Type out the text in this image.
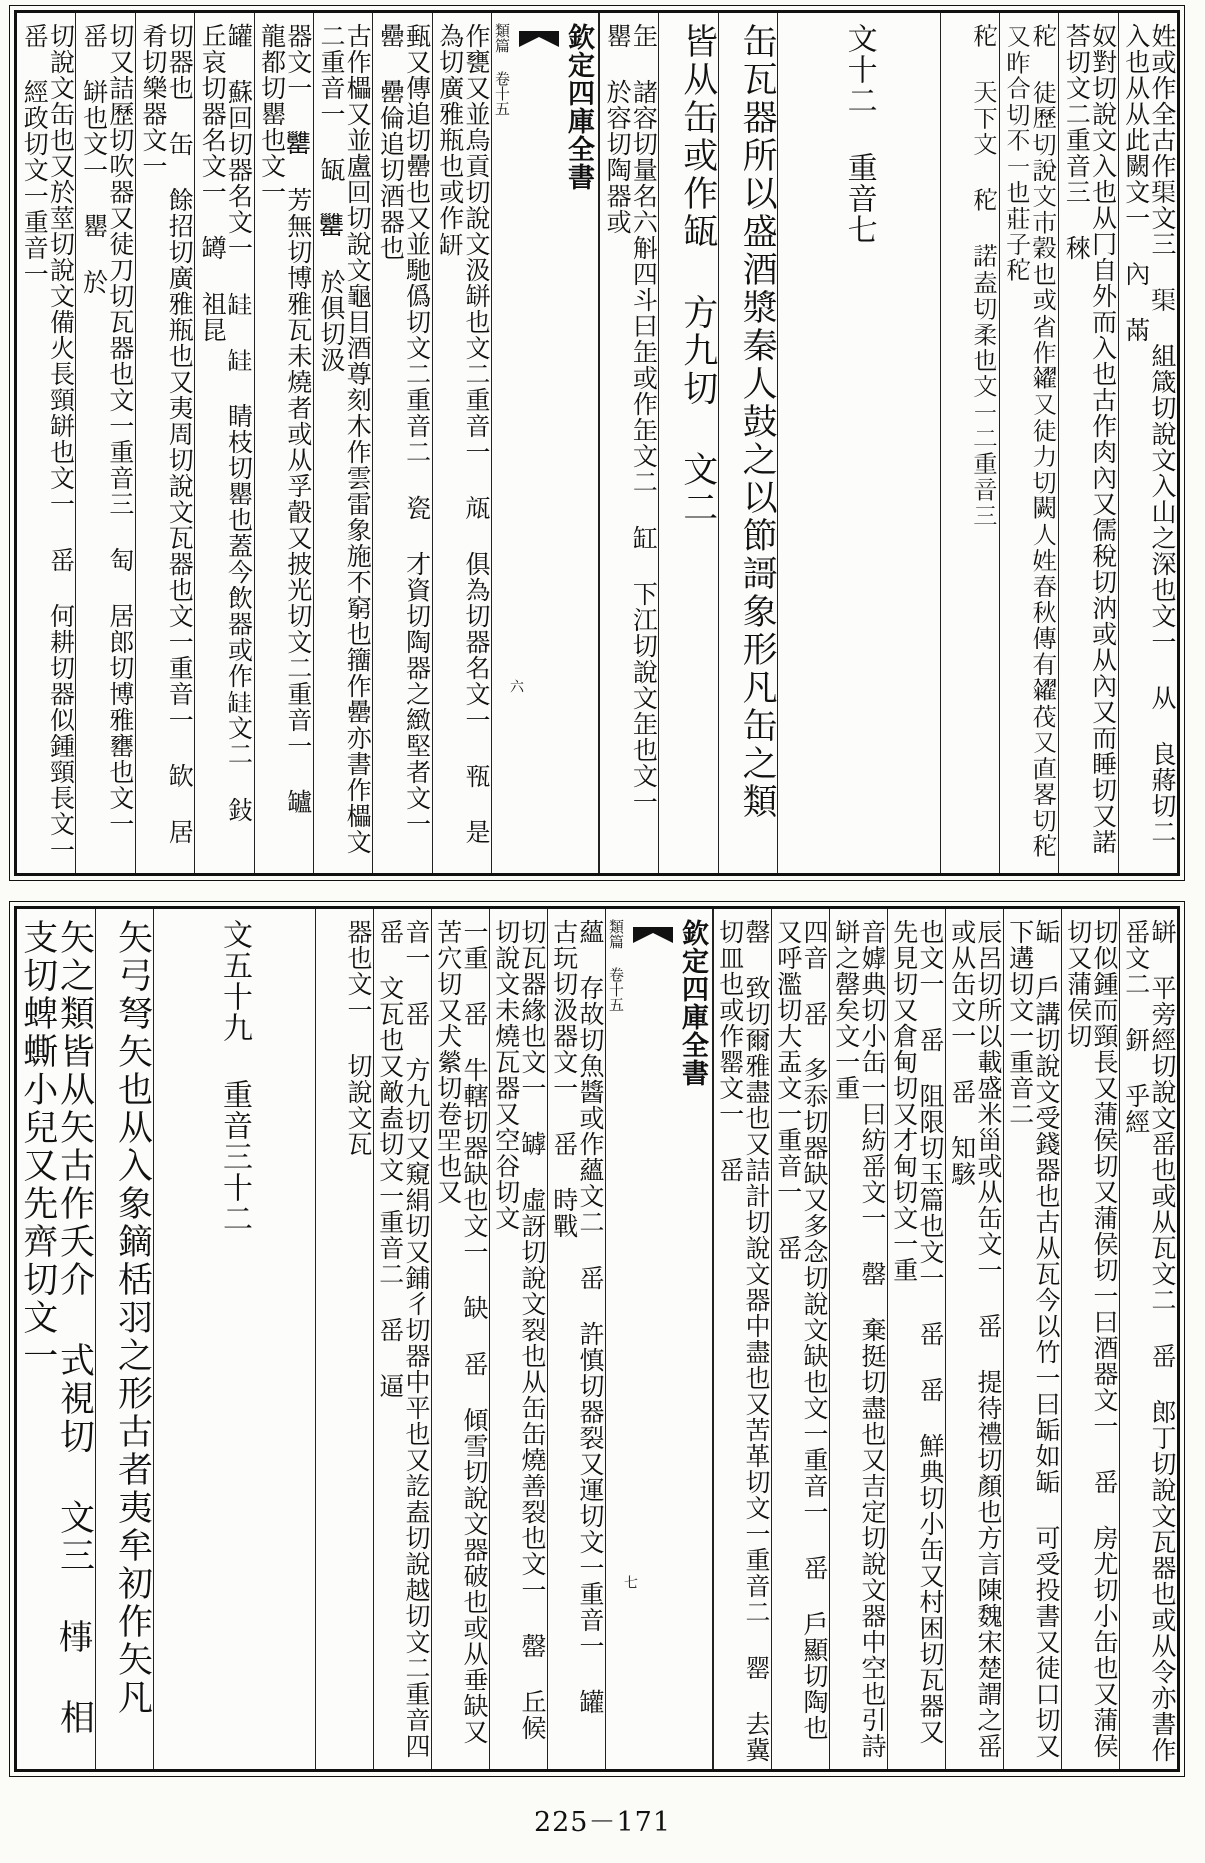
姓或作全古作𤦲文三 𤦲 組箴切說文入山之深也文一 从 良蔣切二入也从从此闕文一 內 㒼
奴對切說文入也从冂自外而入也古作肉內又儒稅切汭或从內又而睡切又諾荅切文二重音三 䅘
𥞒 徒歷切說文市穀也或省作糴又徒力切闕人姓春秋傳有糴茷又直畧切𥞒又昨合切不一也莊子𥞒
𥞒 天下文 𥞒 諾盍切柔也文一二重音三

文十二 重音七

缶瓦器所以盛酒漿秦人鼓之以節謌象形凡缶之類
皆从缶或作缻 方九切 文二
𦈢 諸容切量名六斛四斗曰𦈢或作𦈢文二 缸 下江切說文𦈢也文一 罌 於容切陶器或
欽定四庫全書
類篇 卷十五
六
作甕又並烏貢切說文汲缾也文二重音一 㼚 俱為切器名文一 㼞 是為切廣雅瓶也或作𦈨
甀又傳追切罍也又並馳僞切文二重音二 瓷 才資切陶器之緻堅者文一 罍 罍倫追切酒器也
古作櫑又並盧回切說文龜目酒尊刻木作雲雷象施不窮也籒作罍亦書作櫑文二重音一 缻 𦉥 於俱切汲
器文一 𦉥 芳無切博雅瓦未燒者或从孚瞉又披光切文二重音一 罏 龍都切罌也文一
罐 蘇回切器名文一 𦈰 𦈰 睛枝切罌也蓋今飲器或作𦈰文二 鈙 丘哀切器名文一 罇 祖昆
切器也 缶 餘招切廣雅瓶也又夷周切說文瓦器也文一重音一 缼 居肴切樂器文一
切又詰歷切吹器又徒刀切瓦器也文一重音三 匋 居郎切博雅罋也文一 䍃 缾也文一 罌 於
切說文缶也又於莖切說文備火長頸缾也文一 䍃 何耕切器似鍾頸長文一 䍃 經政切文一重音一
缾 平旁經切說文䍃也或从瓦文二 䍃 郎丁切說文瓦器也或从令亦書作䍃文二 鈃 乎經
切似鍾而頸長又蒲侯切又蒲侯切一曰酒器文一 䍃 房尤切小缶也又蒲侯切又蒲侯切
缿 戶講切說文受錢器也古从瓦今以竹一曰缿如缿 可受投書又徒口切又下遘切文一重音二
辰呂切所以載盛米甾或从缶文一 䍃 提待禮切顏也方言陳魏宋楚謂之䍃或从缶文一 䍃 知駭
也文一 䍃 阻限切玉篇也文一 䍃 䍃 鮮典切小缶又村困切瓦器又先見切又倉甸切又才甸切文一重
音嫭典切小缶一曰紡䍃文一 罄 棄挺切盡也又吉定切說文器中空也引詩缾之罄矣文一重
四音 䍃 多忝切器缺又多念切說文缺也文一重音一 䍃 戶顯切陶也又呼濫切大盂文一重音一 䍃
罄 致切爾雅盡也又詰計切說文器中盡也又苦革切文一重音二 罂 去冀切皿也或作罂文一 䍃
欽定四庫全書
類篇 卷十五
七
蘊 存故切魚醬或作蘊文二 䍃 許慎切器裂又運切文一重音一 罐 古玩切汲器文一 䍃 時戰
切瓦器緣也文一 罅 虛訝切說文裂也从缶缶燒善裂也文一 罄 丘候切說文未燒瓦器又空谷切文
一重 䍃 牛轄切器缺也文一 缺 䍃 傾雪切說文器破也或从垂缺又苦穴切又犬縈切卷𦉷也又
音一 䍃 方九切又窺絹切又鋪彳切器中平也又訖盍切說越切文二重音四 䍃 文瓦也又敵盍切文一重音二 䍃 逼
器也文一 切說文瓦

文五十九 重音三十二

矢弓弩矢也从入象鏑栝羽之形古者夷牟初作矢凡
矢之類皆从矢古作夭介 式視切 文三 𣓊 相支切蜱蟖小兒又先齊切文一
225－171
